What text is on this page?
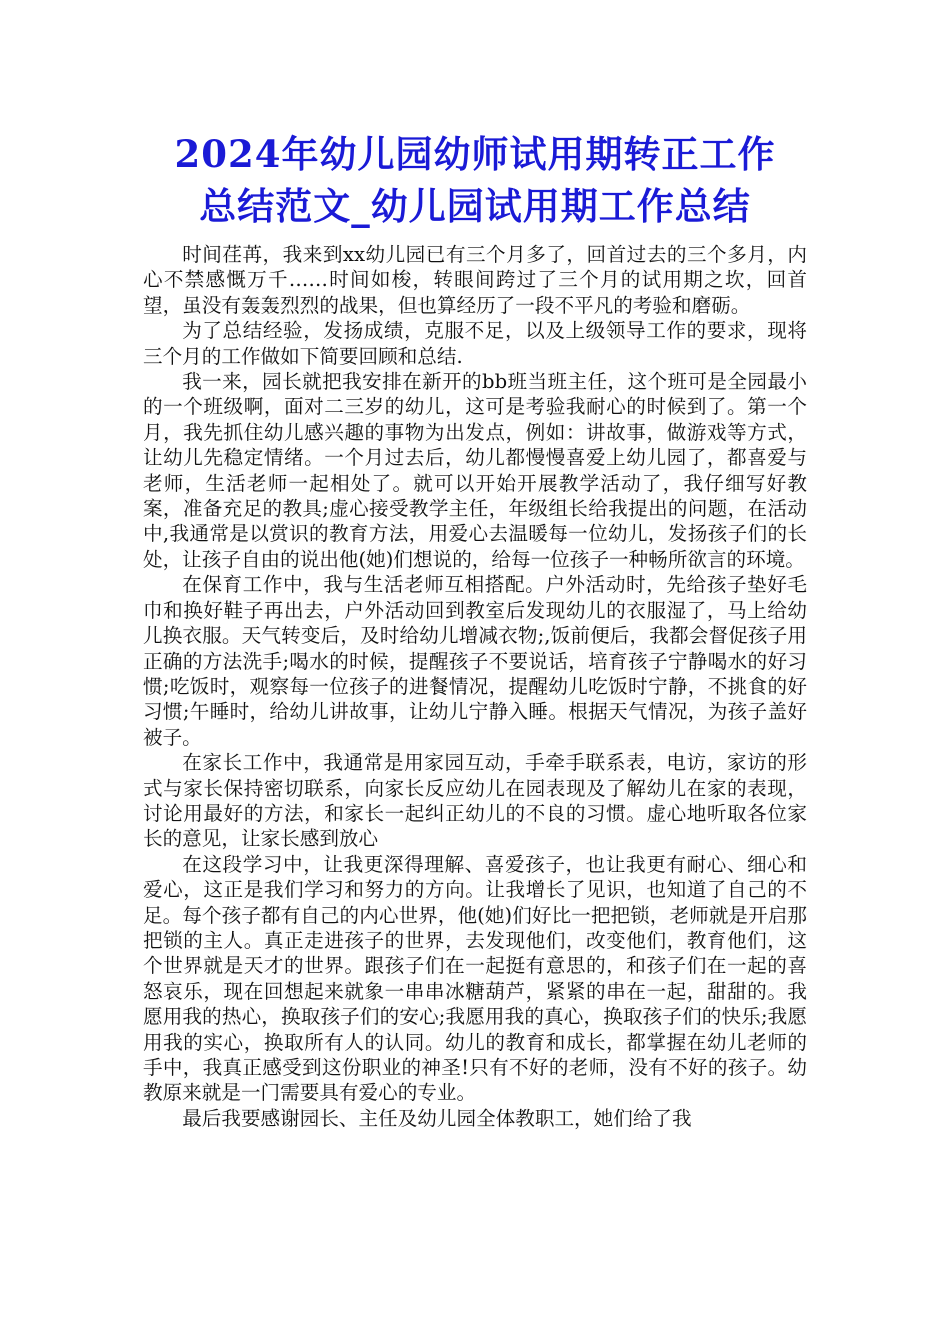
2024年幼儿园幼师试用期转正工作
总结范文_幼儿园试用期工作总结

时间荏苒，我来到xx幼儿园已有三个月多了，回首过去的三个多月，内心不禁感慨万千……时间如梭，转眼间跨过了三个月的试用期之坎，回首望，虽没有轰轰烈烈的战果，但也算经历了一段不平凡的考验和磨砺。

为了总结经验，发扬成绩，克服不足，以及上级领导工作的要求，现将三个月的工作做如下简要回顾和总结.

我一来，园长就把我安排在新开的bb班当班主任，这个班可是全园最小的一个班级啊，面对二三岁的幼儿，这可是考验我耐心的时候到了。第一个月，我先抓住幼儿感兴趣的事物为出发点，例如：讲故事，做游戏等方式，让幼儿先稳定情绪。一个月过去后，幼儿都慢慢喜爱上幼儿园了，都喜爱与老师，生活老师一起相处了。就可以开始开展教学活动了，我仔细写好教案，准备充足的教具;虚心接受教学主任，年级组长给我提出的问题，在活动中,我通常是以赏识的教育方法，用爱心去温暖每一位幼儿，发扬孩子们的长处，让孩子自由的说出他(她)们想说的，给每一位孩子一种畅所欲言的环境。

在保育工作中，我与生活老师互相搭配。户外活动时，先给孩子垫好毛巾和换好鞋子再出去，户外活动回到教室后发现幼儿的衣服湿了，马上给幼儿换衣服。天气转变后，及时给幼儿增减衣物;,饭前便后，我都会督促孩子用正确的方法洗手;喝水的时候，提醒孩子不要说话，培育孩子宁静喝水的好习惯;吃饭时，观察每一位孩子的进餐情况，提醒幼儿吃饭时宁静，不挑食的好习惯;午睡时，给幼儿讲故事，让幼儿宁静入睡。根据天气情况，为孩子盖好被子。

在家长工作中，我通常是用家园互动，手牵手联系表，电访，家访的形式与家长保持密切联系，向家长反应幼儿在园表现及了解幼儿在家的表现，讨论用最好的方法，和家长一起纠正幼儿的不良的习惯。虚心地听取各位家长的意见，让家长感到放心

在这段学习中，让我更深得理解、喜爱孩子，也让我更有耐心、细心和爱心，这正是我们学习和努力的方向。让我增长了见识，也知道了自己的不足。每个孩子都有自己的内心世界，他(她)们好比一把把锁，老师就是开启那把锁的主人。真正走进孩子的世界，去发现他们，改变他们，教育他们，这个世界就是天才的世界。跟孩子们在一起挺有意思的，和孩子们在一起的喜怒哀乐，现在回想起来就象一串串冰糖葫芦，紧紧的串在一起，甜甜的。我愿用我的热心，换取孩子们的安心;我愿用我的真心，换取孩子们的快乐;我愿用我的实心，换取所有人的认同。幼儿的教育和成长，都掌握在幼儿老师的手中，我真正感受到这份职业的神圣!只有不好的老师，没有不好的孩子。幼教原来就是一门需要具有爱心的专业。

最后我要感谢园长、主任及幼儿园全体教职工，她们给了我
